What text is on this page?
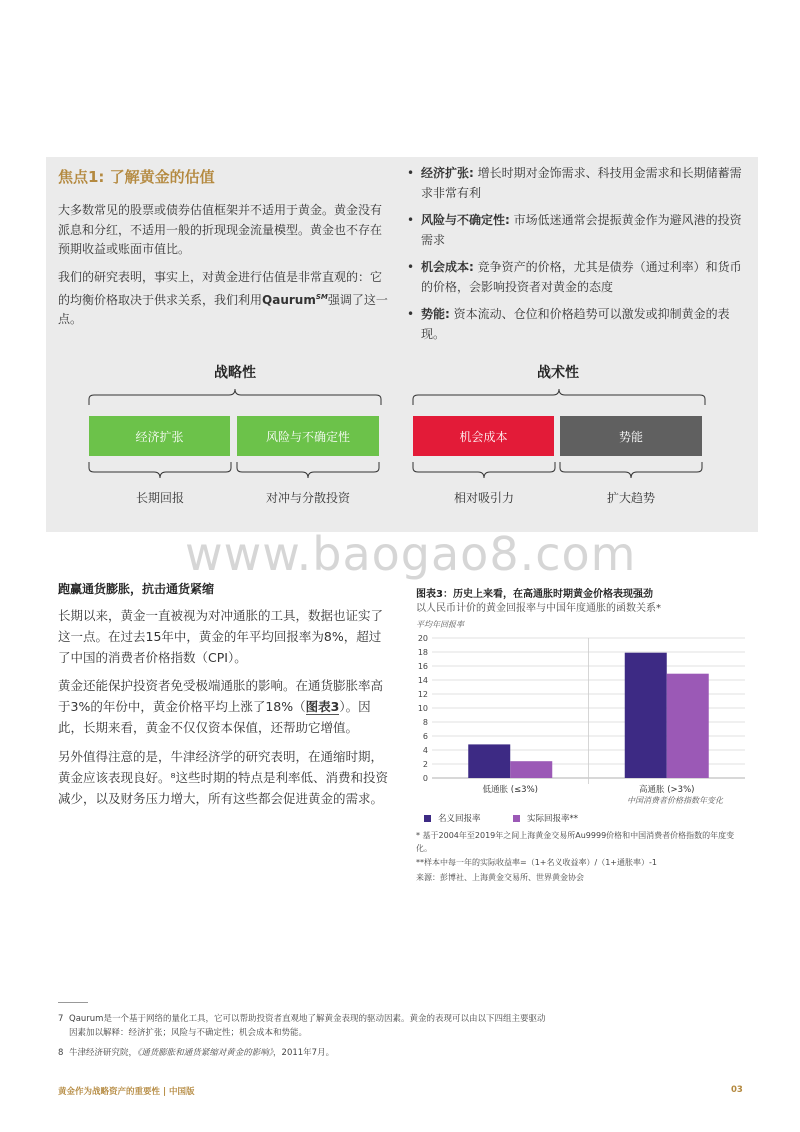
焦点1: 了解黄金的估值

大多数常见的股票或债券估值框架并不适用于黄金。黄金没有派息和分红，不适用一般的折现现金流量模型。黄金也不存在预期收益或账面市值比。

我们的研究表明，事实上，对黄金进行估值是非常直观的：它的均衡价格取决于供求关系，我们利用Qaurum℠强调了这一点。

• 经济扩张: 增长时期对金饰需求、科技用金需求和长期储蓄需求非常有利
• 风险与不确定性: 市场低迷通常会提振黄金作为避风港的投资需求
• 机会成本: 竞争资产的价格，尤其是债券（通过利率）和货币的价格，会影响投资者对黄金的态度
• 势能: 资本流动、仓位和价格趋势可以激发或抑制黄金的表现。
战略性	战术性
经济扩张	风险与不确定性	机会成本	势能
长期回报	对冲与分散投资	相对吸引力	扩大趋势
www.baogao8.com
跑赢通货膨胀，抗击通货紧缩

长期以来，黄金一直被视为对冲通胀的工具，数据也证实了这一点。在过去15年中，黄金的年平均回报率为8%，超过了中国的消费者价格指数（CPI）。

黄金还能保护投资者免受极端通胀的影响。在通货膨胀率高于3%的年份中，黄金价格平均上涨了18%（图表3）。因此，长期来看，黄金不仅仅资本保值，还帮助它增值。

另外值得注意的是，牛津经济学的研究表明，在通缩时期，黄金应该表现良好。⁸这些时期的特点是利率低、消费和投资减少，以及财务压力增大，所有这些都会促进黄金的需求。

图表3：历史上来看，在高通胀时期黄金价格表现强劲

以人民币计价的黄金回报率与中国年度通胀的函数关系*

平均年回报率
0
2
4
6
8
10
12
14
16
18
20
低通胀 (≤3%)	高通胀 (>3%)
中国消费者价格指数年变化
名义回报率	实际回报率**
* 基于2004年至2019年之间上海黄金交易所Au9999价格和中国消费者价格指数的年度变化。
**样本中每一年的实际收益率=（1+名义收益率）/（1+通胀率）-1
来源：彭博社、上海黄金交易所、世界黄金协会
7 Qaurum是一个基于网络的量化工具，它可以帮助投资者直观地了解黄金表现的驱动因素。黄金的表现可以由以下四组主要驱动
因素加以解释：经济扩张；风险与不确定性；机会成本和势能。
8 牛津经济研究院，《通货膨胀和通货紧缩对黄金的影响》，2011年7月。
黄金作为战略资产的重要性 | 中国版	03
